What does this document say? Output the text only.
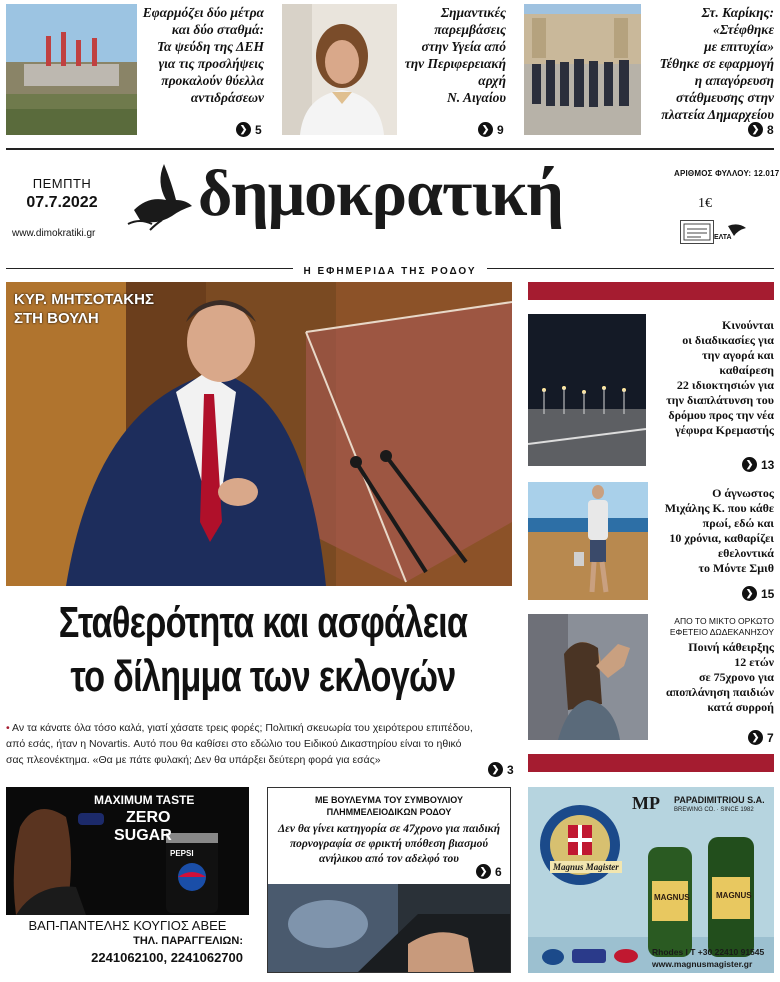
Εφαρμόζει δύο μέτρα
και δύο σταθμά:
Τα ψεύδη της ΔΕΗ
για τις προσλήψεις
προκαλούν θύελλα
αντιδράσεων
❯ 5
Σημαντικές
παρεμβάσεις
στην Υγεία από
την Περιφερειακή
αρχή
Ν. Αιγαίου
❯ 9
Στ. Καρίκης: «Στέφθηκε
με επιτυχία»
Τέθηκε σε εφαρμογή
η απαγόρευση
στάθμευσης στην
πλατεία Δημαρχείου
❯ 8
ΠΕΜΠΤΗ
07.7.2022
www.dimokratiki.gr
δημοκρατική	ΑΡΙΘΜΟΣ ΦΥΛΛΟΥ: 12.017
1€
ΕΛΤΑ
Η ΕΦΗΜΕΡΙΔΑ ΤΗΣ ΡΟΔΟΥ
ΚΥΡ. ΜΗΤΣΟΤΑΚΗΣ
ΣΤΗ ΒΟΥΛΗ
Σταθερότητα και ασφάλεια
το δίλημμα των εκλογών
• Αν τα κάνατε όλα τόσο καλά, γιατί χάσατε τρεις φορές; Πολιτική σκευωρία του χειρότερου επιπέδου,
από εσάς, ήταν η Novartis. Αυτό που θα καθίσει στο εδώλιο του Ειδικού Δικαστηρίου είναι το ηθικό
σας πλεονέκτημα. «Θα με πάτε φυλακή; Δεν θα υπάρξει δεύτερη φορά για εσάς»
❯ 3
Κινούνται
οι διαδικασίες για
την αγορά και
καθαίρεση
22 ιδιοκτησιών για
την διαπλάτυνση του
δρόμου προς την νέα
γέφυρα Κρεμαστής
❯ 13
Ο άγνωστος
Μιχάλης Κ. που κάθε
πρωί, εδώ και
10 χρόνια, καθαρίζει
εθελοντικά
το Μόντε Σμιθ
❯ 15
ΑΠΟ ΤΟ ΜΙΚΤΟ ΟΡΚΩΤΟ
ΕΦΕΤΕΙΟ ΔΩΔΕΚΑΝΗΣΟΥ
Ποινή κάθειρξης
12 ετών
σε 75χρονο για
αποπλάνηση παιδιών
κατά συρροή
❯ 7
MAXIMUM TASTE
ZERO
SUGAR
PEPSI
ΒΑΠ-ΠΑΝΤΕΛΗΣ ΚΟΥΓΙΟΣ ΑΒΕΕ
ΤΗΛ. ΠΑΡΑΓΓΕΛΙΩΝ:
2241062100, 2241062700
ΜΕ ΒΟΥΛΕΥΜΑ ΤΟΥ ΣΥΜΒΟΥΛΙΟΥ
ΠΛΗΜΜΕΛΕΙΟΔΙΚΩΝ ΡΟΔΟΥ
Δεν θα γίνει κατηγορία σε 47χρονο για παιδική
πορνογραφία σε φρικτή υπόθεση βιασμού
ανήλικου από τον αδελφό του
❯ 6
MP PAPADIMITRIOU S.A.
BREWING CO. · SINCE 1982
Magnus Magister
MAGNUS	MAGNUS
Rhodes I T +30 22410 91545
www.magnusmagister.gr
